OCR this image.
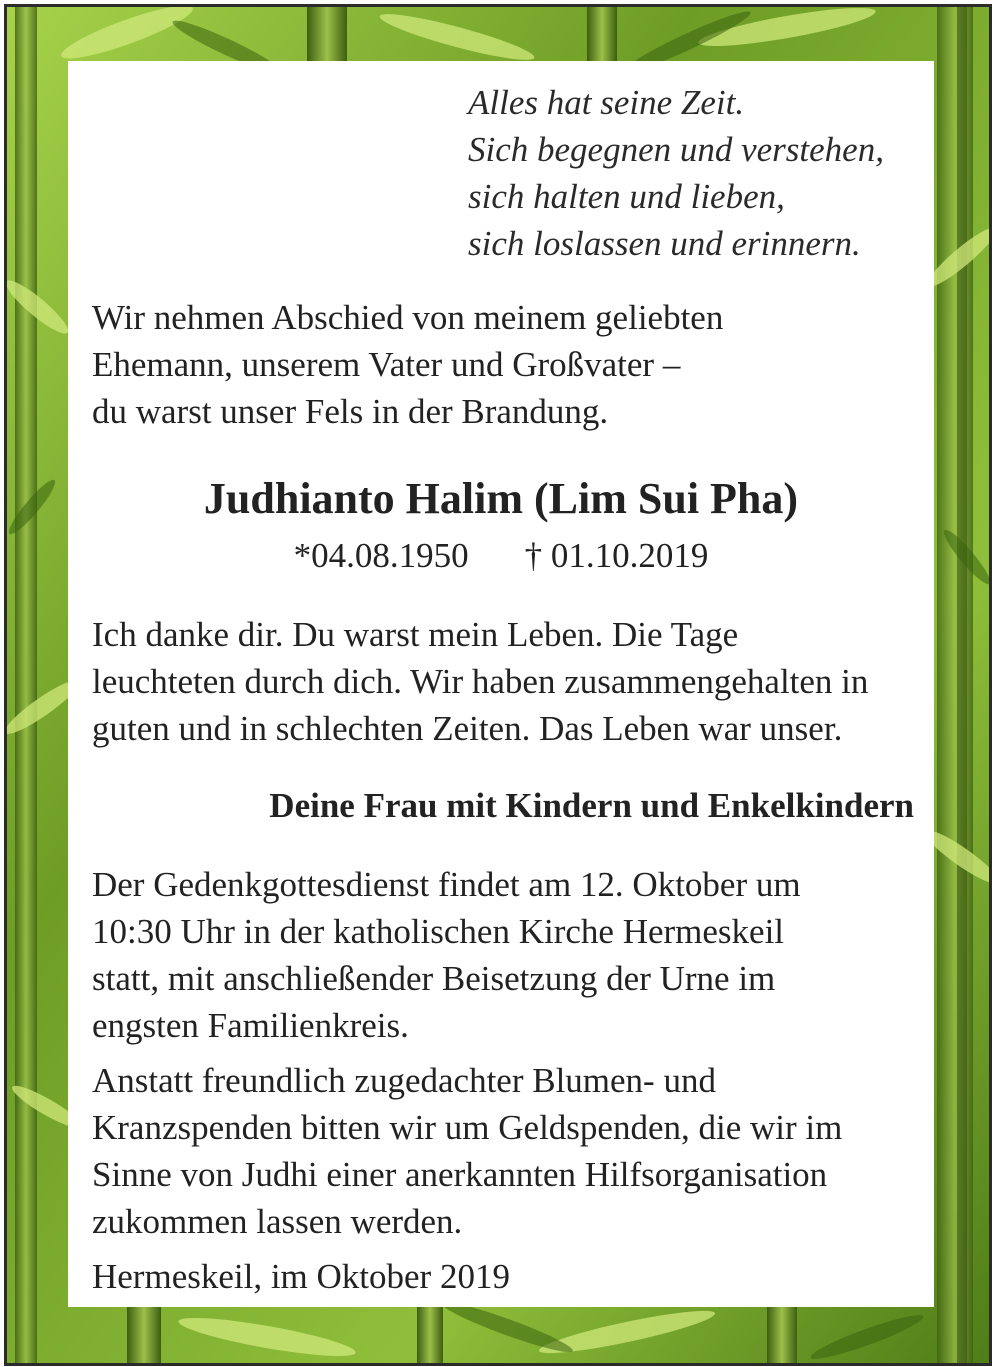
Alles hat seine Zeit.
Sich begegnen und verstehen,
sich halten und lieben,
sich loslassen und erinnern.
Wir nehmen Abschied von meinem geliebten
Ehemann, unserem Vater und Großvater –
du warst unser Fels in der Brandung.
Judhianto Halim (Lim Sui Pha)
*04.08.1950 † 01.10.2019
Ich danke dir. Du warst mein Leben. Die Tage
leuchteten durch dich. Wir haben zusammengehalten in
guten und in schlechten Zeiten. Das Leben war unser.
Deine Frau mit Kindern und Enkelkindern
Der Gedenkgottesdienst findet am 12. Oktober um
10:30 Uhr in der katholischen Kirche Hermeskeil
statt, mit anschließender Beisetzung der Urne im
engsten Familienkreis.
Anstatt freundlich zugedachter Blumen- und
Kranzspenden bitten wir um Geldspenden, die wir im
Sinne von Judhi einer anerkannten Hilfsorganisation
zukommen lassen werden.
Hermeskeil, im Oktober 2019
